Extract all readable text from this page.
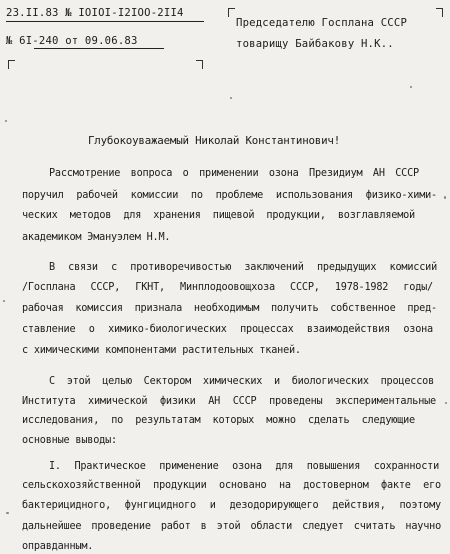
23.II.83 № IOIOI-I2IOO-2II4
№ 6I-240 от 09.06.83
Председателю Госплана СССР
товарищу Байбакову Н.К..
Глубокоуважаемый Николай Константинович!
Рассмотрение вопроса о применении озона Президиум АН СССР
поручил рабочей комиссии по проблеме использования физико-хими-
ческих методов для хранения пищевой продукции, возглавляемой
академиком Эмануэлем Н.М.
В связи с противоречивостью заключений предыдущих комиссий
/Госплана СССР, ГКНТ, Минплодоовощхоза СССР, 1978-1982 годы/
рабочая комиссия признала необходимым получить собственное пред-
ставление о химико-биологических процессах взаимодействия озона
с химическими компонентами растительных тканей.
С этой целью Сектором химических и биологических процессов
Института химической физики АН СССР проведены экспериментальные
исследования, по результатам которых можно сделать следующие
основные выводы:
I. Практическое применение озона для повышения сохранности
сельскохозяйственной продукции основано на достоверном факте его
бактерицидного, фунгицидного и дезодорирующего действия, поэтому
дальнейшее проведение работ в этой области следует считать научно
оправданным.
